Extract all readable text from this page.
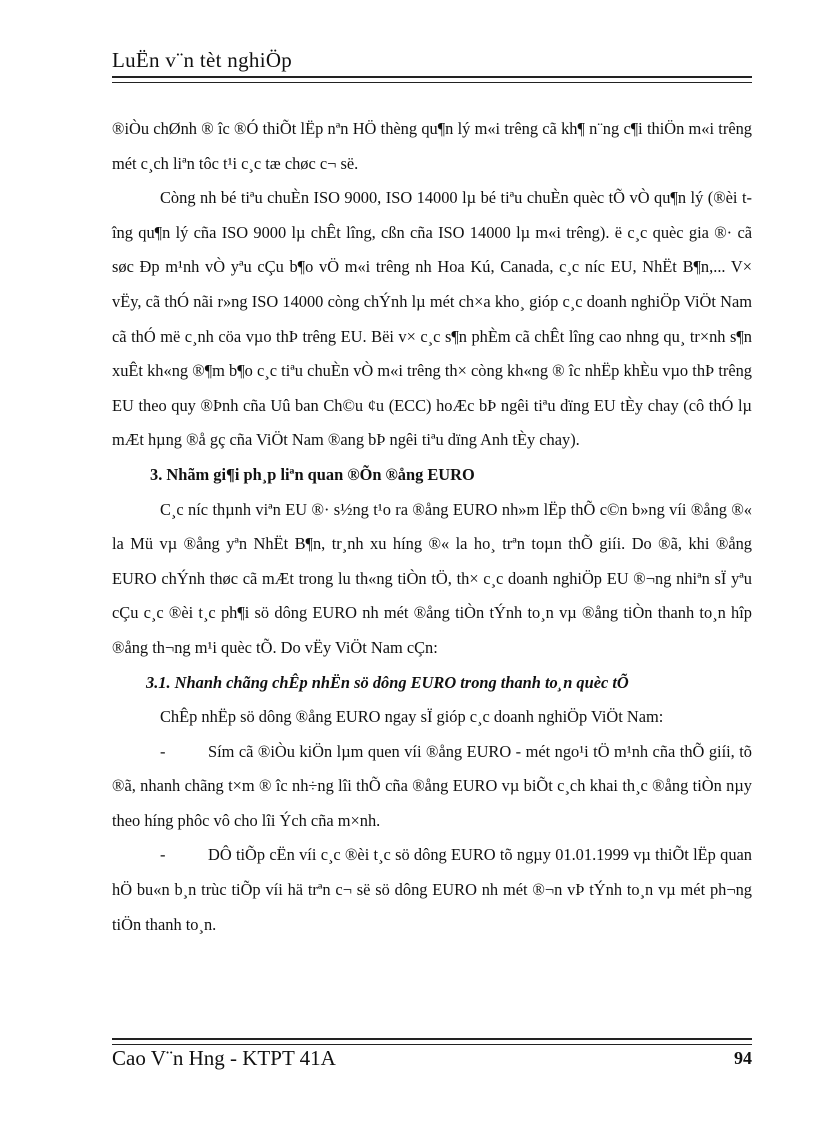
LuËn v¨n tèt nghiÖp

®iÒu chØnh ® îc ®Ó thiÕt lËp nªn HÖ thèng qu¶n lý m«i trêng cã kh¶ n¨ng c¶i thiÖn m«i trêng mét c¸ch liªn tôc t¹i c¸c tæ chøc c¬ së.

Còng nh bé tiªu chuÈn ISO 9000, ISO 14000 lµ bé tiªu chuÈn quèc tÕ vÒ qu¶n lý (®èi tîng qu¶n lý cña ISO 9000 lµ chÊt lîng, cßn cña ISO 14000 lµ m«i trêng). ë c¸c quèc gia ®· cã søc Ðp m¹nh vÒ yªu cÇu b¶o vÖ m«i trêng nh Hoa Kú, Canada, c¸c níc EU, NhËt B¶n,... V× vËy, cã thÓ nãi r»ng ISO 14000 còng chÝnh lµ mét ch×a kho¸ gióp c¸c doanh nghiÖp ViÖt Nam cã thÓ më c¸nh cöa vµo thÞ trêng EU. Bëi v× c¸c s¶n phÈm cã chÊt lîng cao nhng qu¸ tr×nh s¶n xuÊt kh«ng ®¶m b¶o c¸c tiªu chuÈn vÒ m«i trêng th× còng kh«ng ® îc nhËp khÈu vµo thÞ trêng EU theo quy ®Þnh cña Uû ban Ch©u ¢u (ECC) hoÆc bÞ ngêi tiªu dïng EU tÈy chay (cô thÓ lµ mÆt hµng ®å gç cña ViÖt Nam ®ang bÞ ngêi tiªu dïng Anh tÈy chay).

3. Nhãm gi¶i ph¸p liªn quan ®Õn ®ång EURO

C¸c níc thµnh viªn EU ®· s½ng t¹o ra ®ång EURO nh»m lËp thÕ c©n b»ng víi ®ång ®« la Mü vµ ®ång yªn NhËt B¶n, tr¸nh xu híng ®« la ho¸ trªn toµn thÕ giíi. Do ®ã, khi ®ång EURO chÝnh thøc cã mÆt trong lu th«ng tiÒn tÖ, th× c¸c doanh nghiÖp EU ®¬ng nhiªn sÏ yªu cÇu c¸c ®èi t¸c ph¶i sö dông EURO nh mét ®ång tiÒn tÝnh to¸n vµ ®ång tiÒn thanh to¸n hîp ®ång th¬ng m¹i quèc tÕ. Do vËy ViÖt Nam cÇn:

3.1. Nhanh chãng chÊp nhËn sö dông EURO trong thanh to¸n quèc tÕ

ChÊp nhËp sö dông ®ång EURO ngay sÏ gióp c¸c doanh nghiÖp ViÖt Nam:

-	Sím cã ®iÒu kiÖn lµm quen víi ®ång EURO - mét ngo¹i tÖ m¹nh cña thÕ giíi, tõ ®ã, nhanh chãng t×m ® îc nh÷ng lîi thÕ cña ®ång EURO vµ biÕt c¸ch khai th¸c ®ång tiÒn nµy theo híng phôc vô cho lîi Ých cña m×nh.

-	DÔ tiÕp cËn víi c¸c ®èi t¸c sö dông EURO tõ ngµy 01.01.1999 vµ thiÕt lËp quan hÖ bu«n b¸n trùc tiÕp víi hä trªn c¬ së sö dông EURO nh mét ®¬n vÞ tÝnh to¸n vµ mét ph¬ng tiÖn thanh to¸n.

Cao V¨n Hng - KTPT 41A	94
